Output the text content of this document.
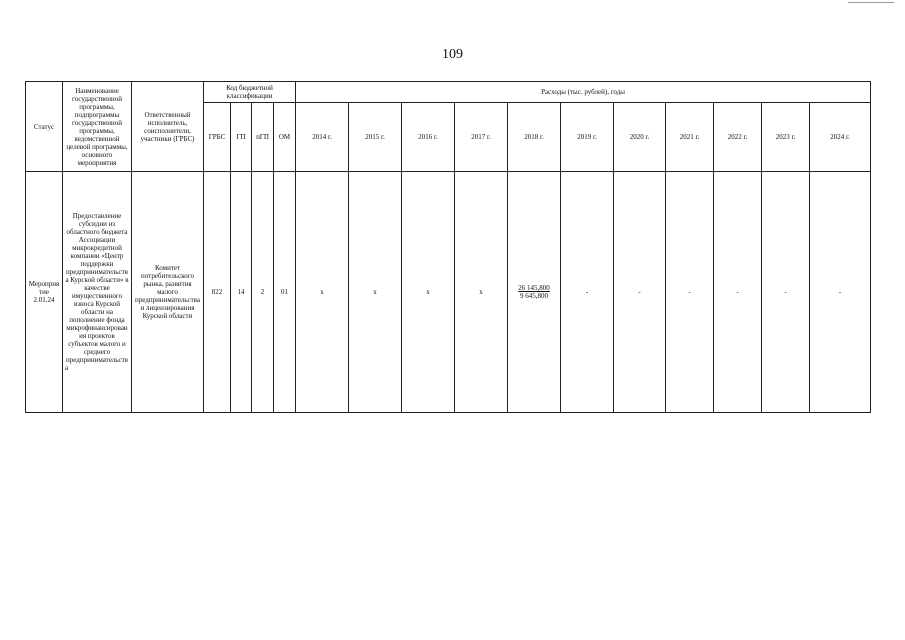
109
Статус	Наименование государственной программы, подпрограммы государственной программы, ведомственной целевой программы, основного мероприятия	Ответственный исполнитель, соисполнители, участники (ГРБС)	Код бюджетной классификации				Расходы (тыс. рублей), годы										
			ГРБС	ГП	пГП	ОМ	2014 г.	2015 г.	2016 г.	2017 г.	2018 г.	2019 г.	2020 г.	2021 г.	2022 г.	2023 г.	2024 г.
Мероприятие 2.01.24	Предоставление субсидии из областного бюджета Ассоциации микрокредитной компании «Центр поддержки предпринимательства Курской области» в качестве имущественного взноса Курской области на пополнение фонда микрофинансирования проектов субъектов малого и среднего предпринимательства	Комитет потребительского рынка, развития малого предпринимательства и лицензирования Курской области	822	14	2	01	х	х	х	х	26 145,800
9 645,800	-	-	-	-	-	-
